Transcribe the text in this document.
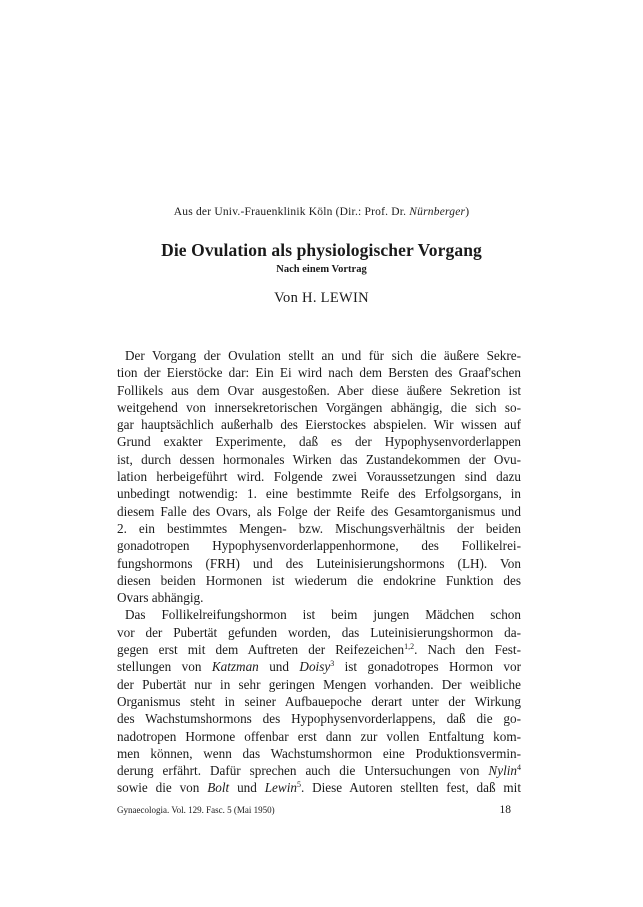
Aus der Univ.-Frauenklinik Köln (Dir.: Prof. Dr. Nürnberger)
Die Ovulation als physiologischer Vorgang
Nach einem Vortrag
Von H. LEWIN
Der Vorgang der Ovulation stellt an und für sich die äußere Sekre-
tion der Eierstöcke dar: Ein Ei wird nach dem Bersten des Graaf'schen
Follikels aus dem Ovar ausgestoßen. Aber diese äußere Sekretion ist
weitgehend von innersekretorischen Vorgängen abhängig, die sich so-
gar hauptsächlich außerhalb des Eierstockes abspielen. Wir wissen auf
Grund exakter Experimente, daß es der Hypophysenvorderlappen
ist, durch dessen hormonales Wirken das Zustandekommen der Ovu-
lation herbeigeführt wird. Folgende zwei Voraussetzungen sind dazu
unbedingt notwendig: 1. eine bestimmte Reife des Erfolgsorgans, in
diesem Falle des Ovars, als Folge der Reife des Gesamtorganismus und
2. ein bestimmtes Mengen- bzw. Mischungsverhältnis der beiden
gonadotropen Hypophysenvorderlappenhormone, des Follikelrei-
fungshormons (FRH) und des Luteinisierungshormons (LH). Von
diesen beiden Hormonen ist wiederum die endokrine Funktion des
Ovars abhängig.
Das Follikelreifungshormon ist beim jungen Mädchen schon
vor der Pubertät gefunden worden, das Luteinisierungshormon da-
gegen erst mit dem Auftreten der Reifezeichen$^{1,2}$. Nach den Fest-
stellungen von Katzman und Doisy$^3$ ist gonadotropes Hormon vor
der Pubertät nur in sehr geringen Mengen vorhanden. Der weibliche
Organismus steht in seiner Aufbauepoche derart unter der Wirkung
des Wachstumshormons des Hypophysenvorderlappens, daß die go-
nadotropen Hormone offenbar erst dann zur vollen Entfaltung kom-
men können, wenn das Wachstumshormon eine Produktionsvermin-
derung erfährt. Dafür sprechen auch die Untersuchungen von Nylin$^4$
sowie die von Bolt und Lewin$^5$. Diese Autoren stellten fest, daß mit
Gynaecologia. Vol. 129. Fasc. 5 (Mai 1950)	18
